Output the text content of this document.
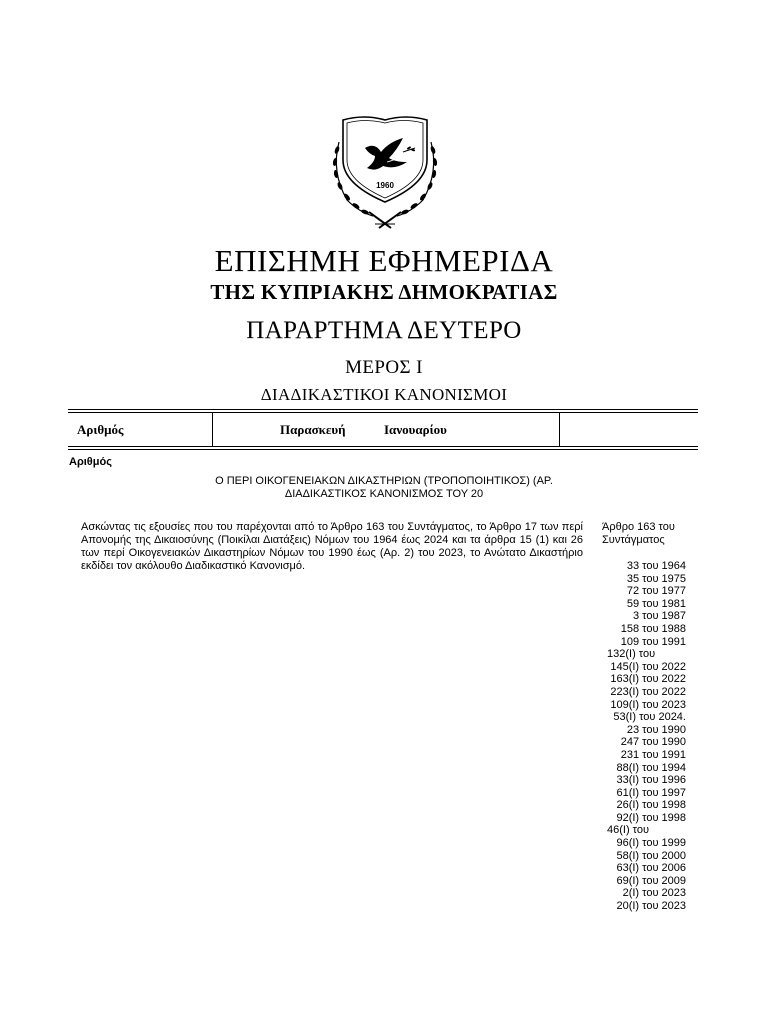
1960
ΕΠΙΣΗΜΗ ΕΦΗΜΕΡΙΔΑ
ΤΗΣ ΚΥΠΡΙΑΚΗΣ ΔΗΜΟΚΡΑΤΙΑΣ
ΠΑΡΑΡΤΗΜΑ ΔΕΥΤΕΡΟ
ΜΕΡΟΣ Ι
ΔΙΑΔΙΚΑΣΤΙΚΟΙ ΚΑΝΟΝΙΣΜΟΙ
Αριθμός	Παρασκευή	Ιανουαρίου
Αριθμός
Ο ΠΕΡΙ ΟΙΚΟΓΕΝΕΙΑΚΩΝ ΔΙΚΑΣΤΗΡΙΩΝ (ΤΡΟΠΟΠΟΙΗΤΙΚΟΣ) (ΑΡ.
ΔΙΑΔΙΚΑΣΤΙΚΟΣ ΚΑΝΟΝΙΣΜΟΣ ΤΟΥ 20
Ασκώντας τις εξουσίες που του παρέχονται από το Άρθρο 163 του Συντάγματος, το Άρθρο 17 των περί Απονομής της Δικαιοσύνης (Ποικίλαι Διατάξεις) Νόμων του 1964 έως 2024 και τα άρθρα 15 (1) και 26 των περί Οικογενειακών Δικαστηρίων Νόμων του 1990 έως (Αρ. 2) του 2023, το Ανώτατο Δικαστήριο εκδίδει τον ακόλουθο Διαδικαστικό Κανονισμό.
Άρθρο 163 του Συντάγματος
33 του 1964
35 του 1975
72 του 1977
59 του 1981
3 του 1987
158 του 1988
109 του 1991
132(Ι) του
145(Ι) του 2022
163(Ι) του 2022
223(Ι) του 2022
109(Ι) του 2023
53(Ι) του 2024.
23 του 1990
247 του 1990
231 του 1991
88(Ι) του 1994
33(Ι) του 1996
61(Ι) του 1997
26(Ι) του 1998
92(Ι) του 1998
46(Ι) του
96(Ι) του 1999
58(Ι) του 2000
63(Ι) του 2006
69(Ι) του 2009
2(Ι) του 2023
20(Ι) του 2023
